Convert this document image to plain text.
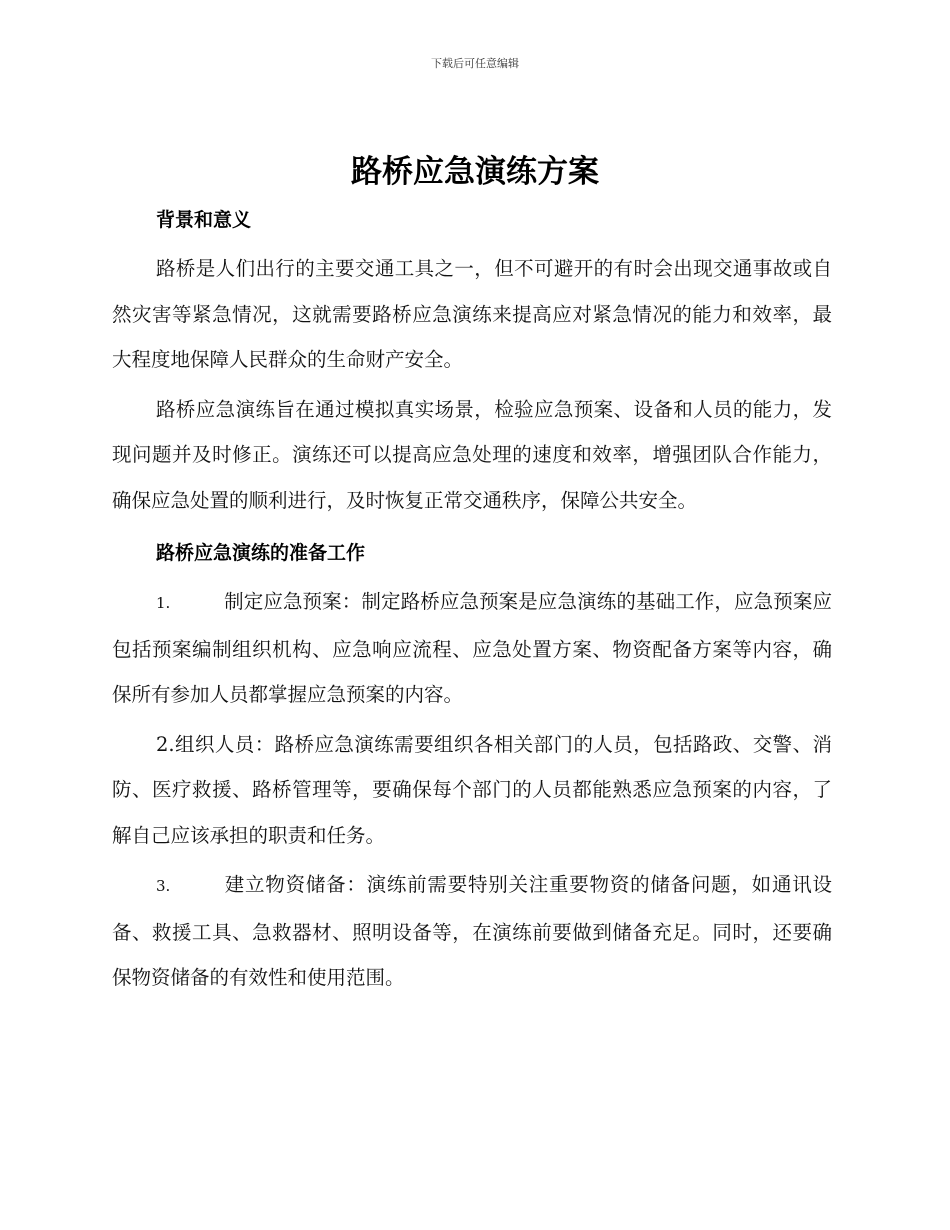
下载后可任意编辑
路桥应急演练方案

背景和意义

路桥是人们出行的主要交通工具之一，但不可避开的有时会出现交通事故或自然灾害等紧急情况，这就需要路桥应急演练来提高应对紧急情况的能力和效率，最大程度地保障人民群众的生命财产安全。

路桥应急演练旨在通过模拟真实场景，检验应急预案、设备和人员的能力，发现问题并及时修正。演练还可以提高应急处理的速度和效率，增强团队合作能力，确保应急处置的顺利进行，及时恢复正常交通秩序，保障公共安全。

路桥应急演练的准备工作

1.	制定应急预案：制定路桥应急预案是应急演练的基础工作，应急预案应包括预案编制组织机构、应急响应流程、应急处置方案、物资配备方案等内容，确保所有参加人员都掌握应急预案的内容。

2.组织人员：路桥应急演练需要组织各相关部门的人员，包括路政、交警、消防、医疗救援、路桥管理等，要确保每个部门的人员都能熟悉应急预案的内容，了解自己应该承担的职责和任务。

3.	建立物资储备：演练前需要特别关注重要物资的储备问题，如通讯设备、救援工具、急救器材、照明设备等，在演练前要做到储备充足。同时，还要确保物资储备的有效性和使用范围。
